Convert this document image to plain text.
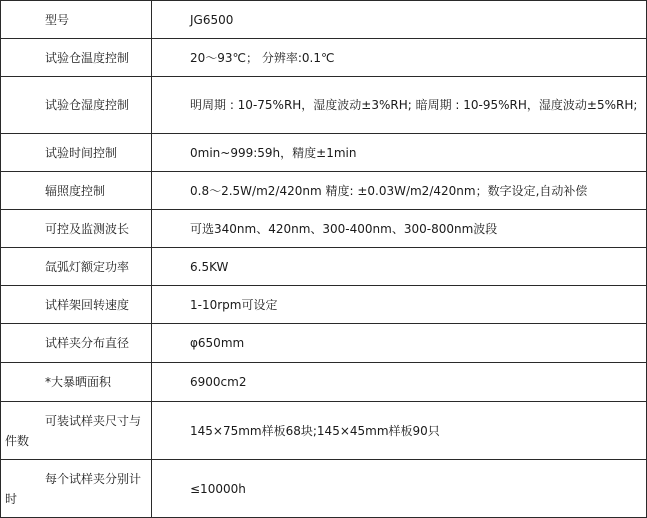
型号	JG6500

试验仓温度控制	20～93℃； 分辨率:0.1℃

试验仓湿度控制	明周期 : 10-75%RH，湿度波动±3%RH; 暗周期 : 10-95%RH，湿度波动±5%RH;

试验时间控制	0min~999:59h，精度±1min

辐照度控制	0.8～2.5W/m2/420nm 精度: ±0.03W/m2/420nm；数字设定,自动补偿

可控及监测波长	可选340nm、420nm、300-400nm、300-800nm波段

氙弧灯额定功率	6.5KW

试样架回转速度	1-10rpm可设定

试样夹分布直径	φ650mm

*大暴晒面积	6900cm2

可装试样夹尺寸与
件数	145×75mm样板68块;145×45mm样板90只

每个试样夹分别计
时	≤10000h
